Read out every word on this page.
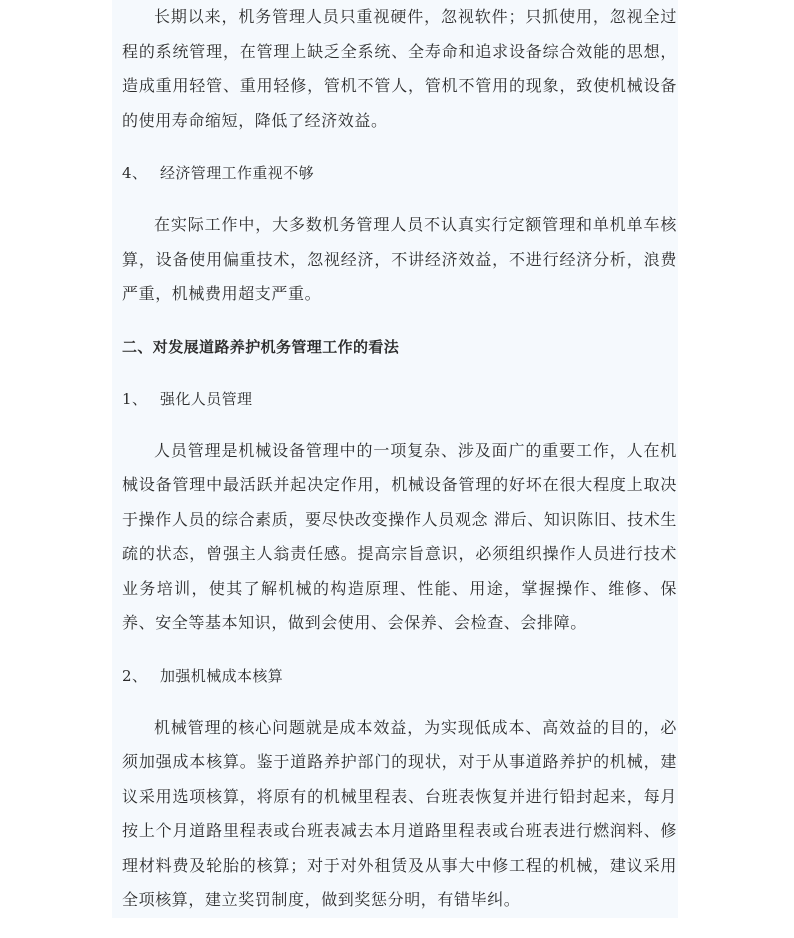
长期以来，机务管理人员只重视硬件，忽视软件；只抓使用，忽视全过程的系统管理，在管理上缺乏全系统、全寿命和追求设备综合效能的思想，造成重用轻管、重用轻修，管机不管人，管机不管用的现象，致使机械设备的使用寿命缩短，降低了经济效益。

4、 经济管理工作重视不够

在实际工作中，大多数机务管理人员不认真实行定额管理和单机单车核算，设备使用偏重技术，忽视经济，不讲经济效益，不进行经济分析，浪费严重，机械费用超支严重。

二、对发展道路养护机务管理工作的看法

1、 强化人员管理

人员管理是机械设备管理中的一项复杂、涉及面广的重要工作，人在机械设备管理中最活跃并起决定作用，机械设备管理的好坏在很大程度上取决于操作人员的综合素质，要尽快改变操作人员观念 滞后、知识陈旧、技术生疏的状态，曾强主人翁责任感。提高宗旨意识，必须组织操作人员进行技术业务培训，使其了解机械的构造原理、性能、用途，掌握操作、维修、保养、安全等基本知识，做到会使用、会保养、会检查、会排障。

2、 加强机械成本核算

机械管理的核心问题就是成本效益，为实现低成本、高效益的目的，必须加强成本核算。鉴于道路养护部门的现状，对于从事道路养护的机械，建议采用选项核算，将原有的机械里程表、台班表恢复并进行铅封起来，每月按上个月道路里程表或台班表减去本月道路里程表或台班表进行燃润料、修理材料费及轮胎的核算；对于对外租赁及从事大中修工程的机械，建议采用全项核算，建立奖罚制度，做到奖惩分明，有错毕纠。
